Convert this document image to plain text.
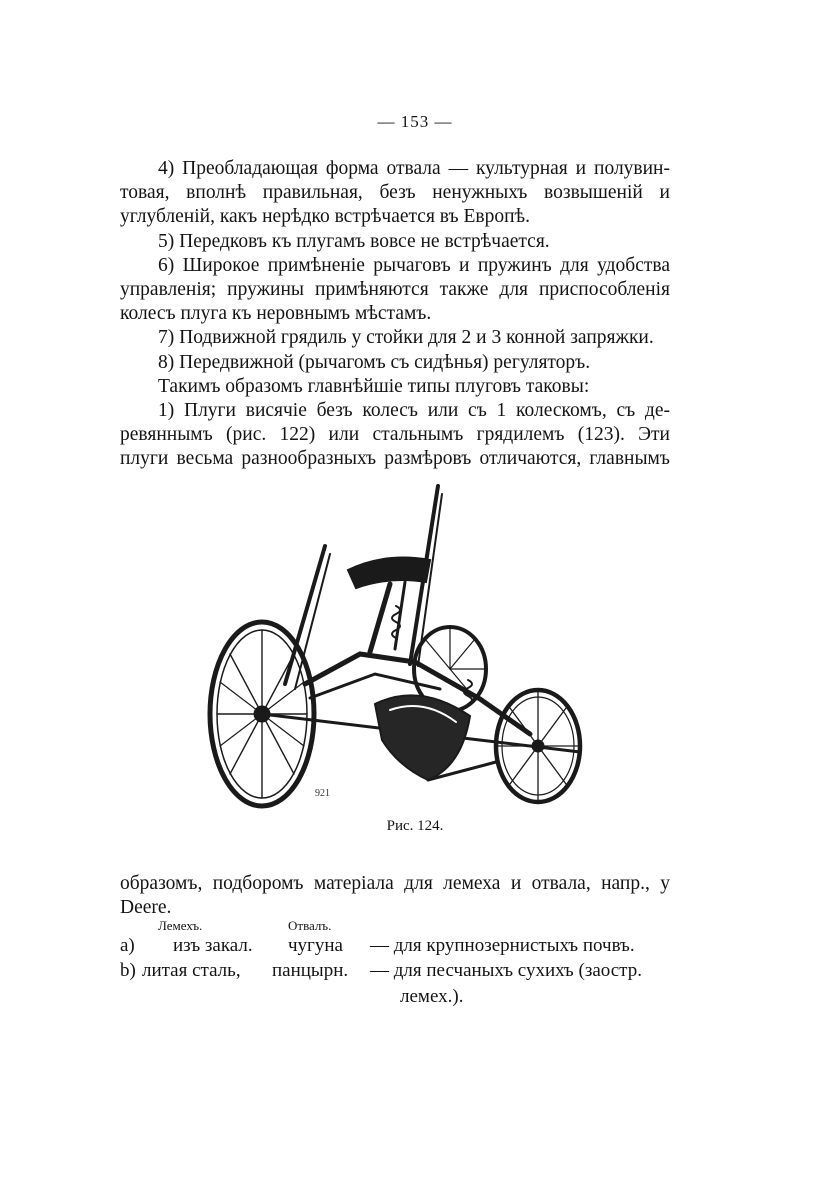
— 153 —
4) Преобладающая форма отвала — культурная и полувин-
товая, вполнѣ правильная, безъ ненужныхъ возвышеній и
углубленій, какъ нерѣдко встрѣчается въ Европѣ.
5) Передковъ къ плугамъ вовсе не встрѣчается.
6) Широкое примѣненіе рычаговъ и пружинъ для удобства
управленія; пружины примѣняются также для приспособленія
колесъ плуга къ неровнымъ мѣстамъ.
7) Подвижной грядиль у стойки для 2 и 3 конной запряжки.
8) Передвижной (рычагомъ съ сидѣнья) регуляторъ.
Такимъ образомъ главнѣйшіе типы плуговъ таковы:
1) Плуги висячіе безъ колесъ или съ 1 колескомъ, съ де-
ревяннымъ (рис. 122) или стальнымъ грядилемъ (123). Эти
плуги весьма разнообразныхъ размѣровъ отличаются, главнымъ
921
Рис. 124.
образомъ, подборомъ матеріала для лемеха и отвала, напр., у
Deere.
Лемехъ.	Отвалъ.
а) изъ закал. чугуна — для крупнозернистыхъ почвъ.
b) литая сталь, панцырн. — для песчаныхъ сухихъ (заостр.
лемех.).
